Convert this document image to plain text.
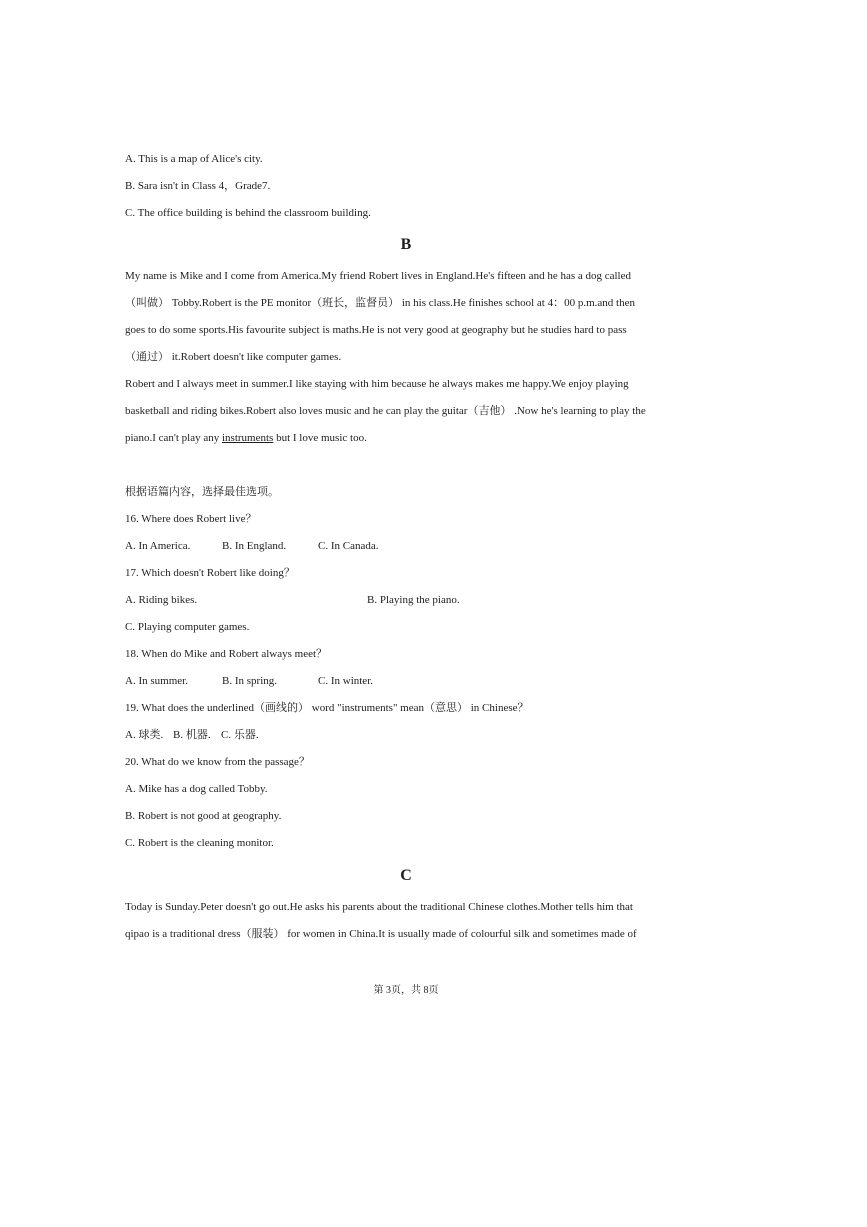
A. This is a map of Alice's city.
B. Sara isn't in Class 4，Grade7.
C. The office building is behind the classroom building.
B
My name is Mike and I come from America.My friend Robert lives in England.He's fifteen and he has a dog called
（叫做） Tobby.Robert is the PE monitor（班长，监督员） in his class.He finishes school at 4：00 p.m.and then
goes to do some sports.His favourite subject is maths.He is not very good at geography but he studies hard to pass
（通过） it.Robert doesn't like computer games.
Robert and I always meet in summer.I like staying with him because he always makes me happy.We enjoy playing
basketball and riding bikes.Robert also loves music and he can play the guitar（吉他） .Now he's learning to play the
piano.I can't play any instruments but I love music too.
根据语篇内容，选择最佳选项。
16. Where does Robert live？
A. In America.	B. In England.	C. In Canada.
17. Which doesn't Robert like doing？
A. Riding bikes.	B. Playing the piano.
C. Playing computer games.
18. When do Mike and Robert always meet？
A. In summer.	B. In spring.	C. In winter.
19. What does the underlined（画线的） word "instruments" mean（意思） in Chinese？
A. 球类. B. 机器. C. 乐器.
20. What do we know from the passage？
A. Mike has a dog called Tobby.
B. Robert is not good at geography.
C. Robert is the cleaning monitor.
C
Today is Sunday.Peter doesn't go out.He asks his parents about the traditional Chinese clothes.Mother tells him that
qipao is a traditional dress（服装） for women in China.It is usually made of colourful silk and sometimes made of
第 3页，共 8页
